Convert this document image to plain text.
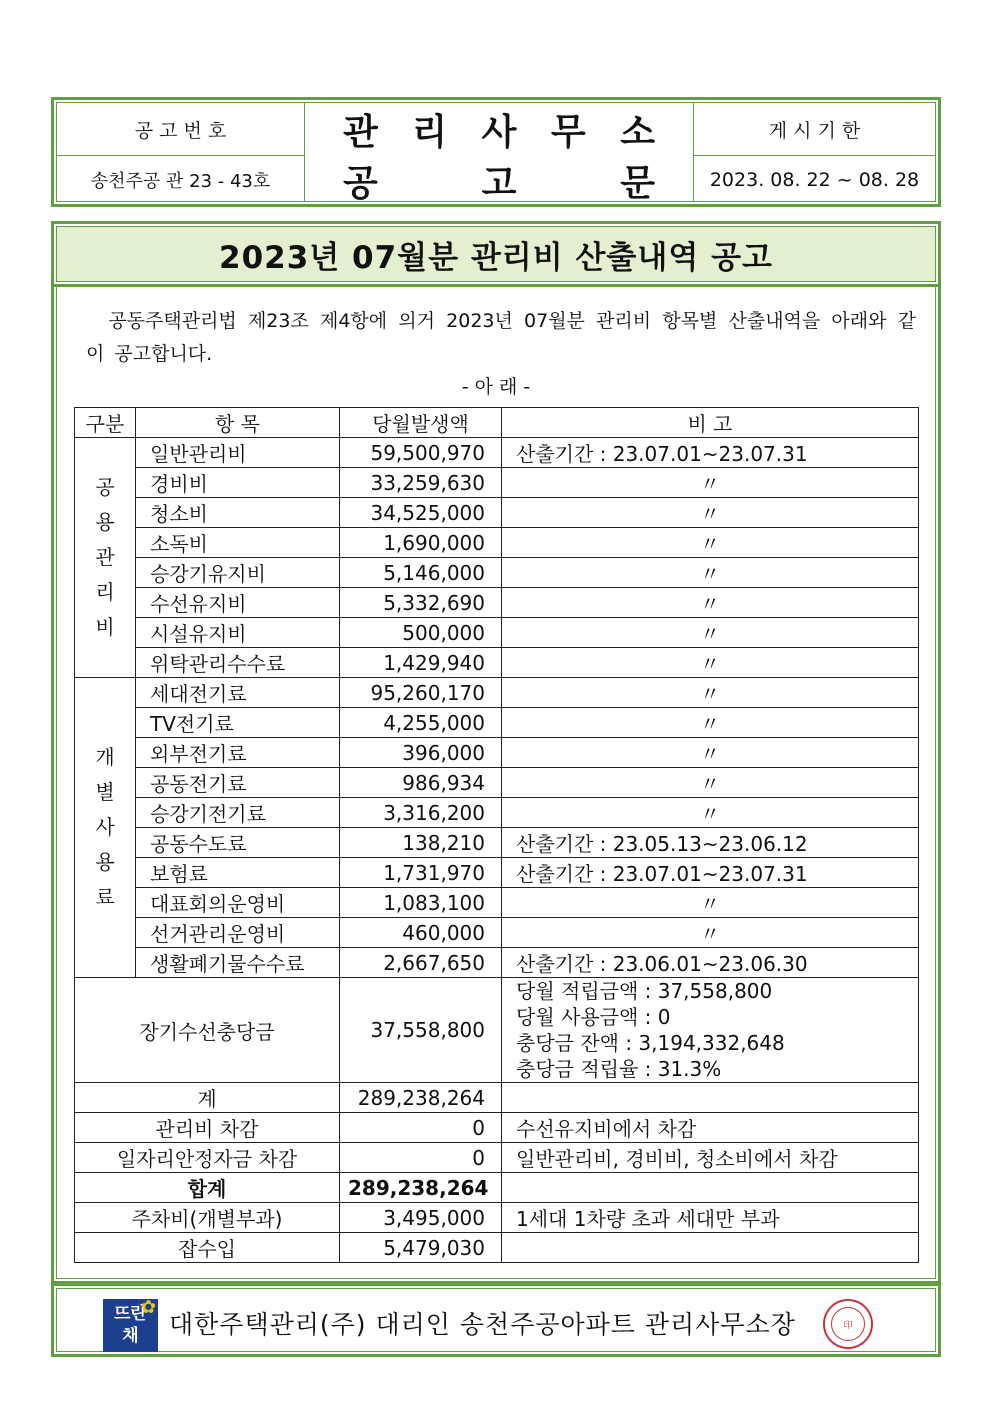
공 고 번 호
송천주공 관 23 - 43호
관 리 사 무 소
공	고	문
게 시 기 한
2023. 08. 22 ~ 08. 28
2023년 07월분 관리비 산출내역 공고
공동주택관리법 제23조 제4항에 의거 2023년 07월분 관리비 항목별 산출내역을 아래와 같이 공고합니다.
- 아 래 -
구분	항 목	당월발생액	비 고
공용관리비	일반관리비	59,500,970	산출기간 : 23.07.01~23.07.31
	경비비	33,259,630	〃
	청소비	34,525,000	〃
	소독비	1,690,000	〃
	승강기유지비	5,146,000	〃
	수선유지비	5,332,690	〃
	시설유지비	500,000	〃
	위탁관리수수료	1,429,940	〃
개별사용료	세대전기료	95,260,170	〃
	TV전기료	4,255,000	〃
	외부전기료	396,000	〃
	공동전기료	986,934	〃
	승강기전기료	3,316,200	〃
	공동수도료	138,210	산출기간 : 23.05.13~23.06.12
	보험료	1,731,970	산출기간 : 23.07.01~23.07.31
	대표회의운영비	1,083,100	〃
	선거관리운영비	460,000	〃
	생활폐기물수수료	2,667,650	산출기간 : 23.06.01~23.06.30
장기수선충당금		37,558,800	당월 적립금액 : 37,558,800
당월 사용금액 : 0
충당금 잔액 : 3,194,332,648
충당금 적립율 : 31.3%

계		289,238,264	
관리비 차감		0	수선유지비에서 차감
일자리안정자금 차감		0	일반관리비, 경비비, 청소비에서 차감
합계		289,238,264	
주차비(개별부과)		3,495,000	1세대 1차량 초과 세대만 부과
잡수입		5,479,030	
✿
뜨란
채	대한주택관리(주) 대리인 송천주공아파트 관리사무소장	印
